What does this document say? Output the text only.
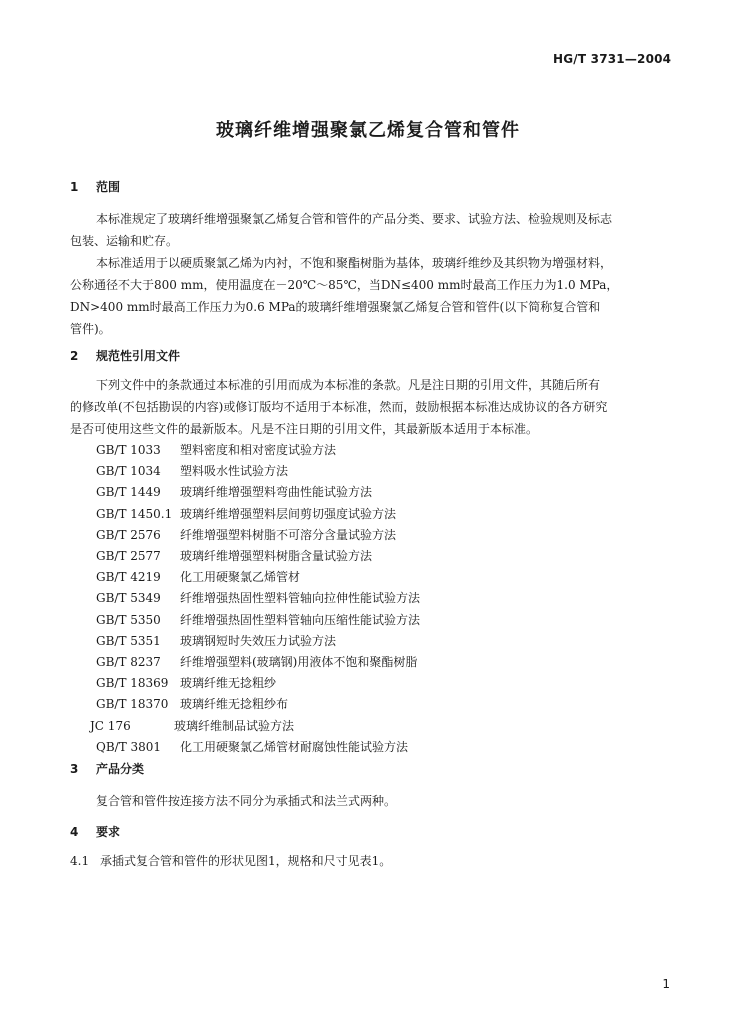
HG/T 3731—2004
玻璃纤维增强聚氯乙烯复合管和管件
1 范围
本标准规定了玻璃纤维增强聚氯乙烯复合管和管件的产品分类、要求、试验方法、检验规则及标志
包装、运输和贮存。
本标准适用于以硬质聚氯乙烯为内衬，不饱和聚酯树脂为基体，玻璃纤维纱及其织物为增强材料，
公称通径不大于800 mm，使用温度在－20℃～85℃，当DN≤400 mm时最高工作压力为1.0 MPa，
DN>400 mm时最高工作压力为0.6 MPa的玻璃纤维增强聚氯乙烯复合管和管件(以下简称复合管和
管件)。
2 规范性引用文件
下列文件中的条款通过本标准的引用而成为本标准的条款。凡是注日期的引用文件，其随后所有
的修改单(不包括勘误的内容)或修订版均不适用于本标准，然而，鼓励根据本标准达成协议的各方研究
是否可使用这些文件的最新版本。凡是不注日期的引用文件，其最新版本适用于本标准。
GB/T 1033 塑料密度和相对密度试验方法
GB/T 1034 塑料吸水性试验方法
GB/T 1449 玻璃纤维增强塑料弯曲性能试验方法
GB/T 1450.1 玻璃纤维增强塑料层间剪切强度试验方法
GB/T 2576 纤维增强塑料树脂不可溶分含量试验方法
GB/T 2577 玻璃纤维增强塑料树脂含量试验方法
GB/T 4219 化工用硬聚氯乙烯管材
GB/T 5349 纤维增强热固性塑料管轴向拉伸性能试验方法
GB/T 5350 纤维增强热固性塑料管轴向压缩性能试验方法
GB/T 5351 玻璃钢短时失效压力试验方法
GB/T 8237 纤维增强塑料(玻璃钢)用液体不饱和聚酯树脂
GB/T 18369 玻璃纤维无捻粗纱
GB/T 18370 玻璃纤维无捻粗纱布
JC 176	玻璃纤维制品试验方法
QB/T 3801 化工用硬聚氯乙烯管材耐腐蚀性能试验方法
3 产品分类
复合管和管件按连接方法不同分为承插式和法兰式两种。
4 要求
4.1 承插式复合管和管件的形状见图1，规格和尺寸见表1。
1
